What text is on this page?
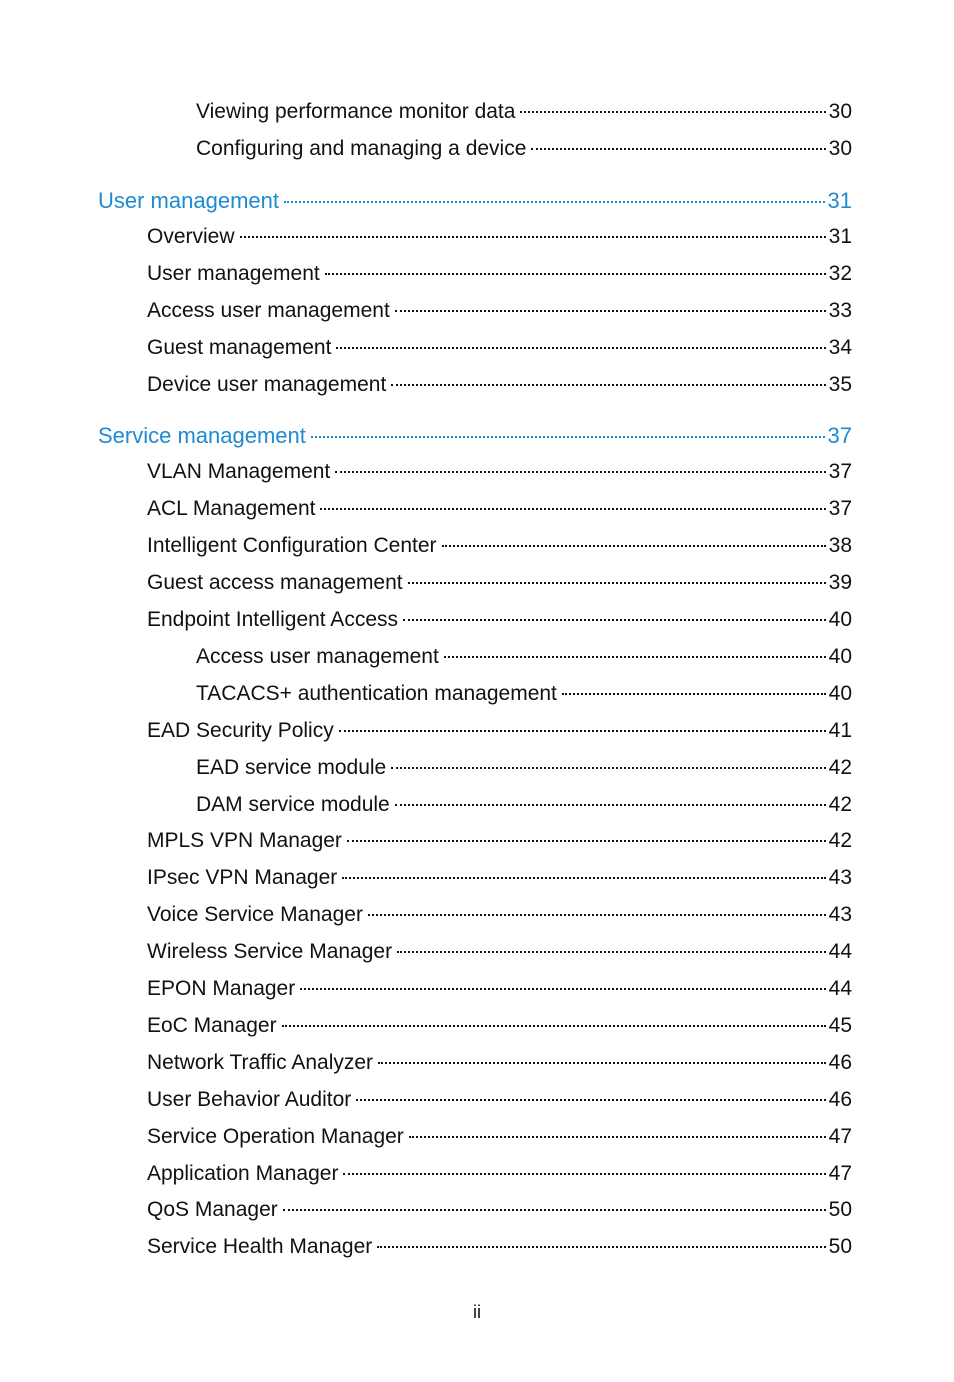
Viewing performance monitor data	30
Configuring and managing a device	30
User management	31
Overview	31
User management	32
Access user management	33
Guest management	34
Device user management	35
Service management	37
VLAN Management	37
ACL Management	37
Intelligent Configuration Center	38
Guest access management	39
Endpoint Intelligent Access	40
Access user management	40
TACACS+ authentication management	40
EAD Security Policy	41
EAD service module	42
DAM service module	42
MPLS VPN Manager	42
IPsec VPN Manager	43
Voice Service Manager	43
Wireless Service Manager	44
EPON Manager	44
EoC Manager	45
Network Traffic Analyzer	46
User Behavior Auditor	46
Service Operation Manager	47
Application Manager	47
QoS Manager	50
Service Health Manager	50
ii
